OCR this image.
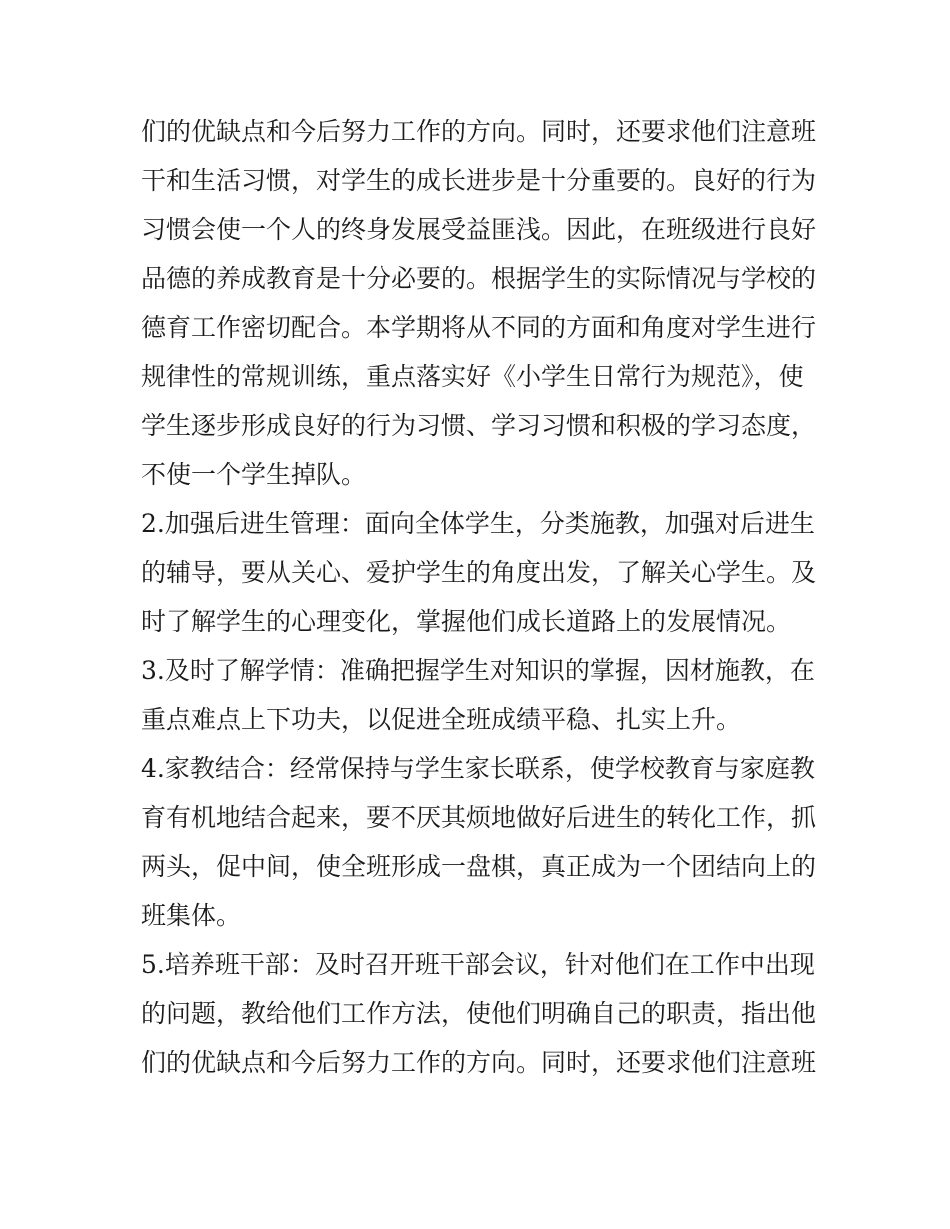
们的优缺点和今后努力工作的方向。同时，还要求他们注意班
干和生活习惯，对学生的成长进步是十分重要的。良好的行为
习惯会使一个人的终身发展受益匪浅。因此，在班级进行良好
品德的养成教育是十分必要的。根据学生的实际情况与学校的
德育工作密切配合。本学期将从不同的方面和角度对学生进行
规律性的常规训练，重点落实好《小学生日常行为规范》，使
学生逐步形成良好的行为习惯、学习习惯和积极的学习态度，
不使一个学生掉队。
2.加强后进生管理：面向全体学生，分类施教，加强对后进生
的辅导，要从关心、爱护学生的角度出发，了解关心学生。及
时了解学生的心理变化，掌握他们成长道路上的发展情况。
3.及时了解学情：准确把握学生对知识的掌握，因材施教，在
重点难点上下功夫，以促进全班成绩平稳、扎实上升。
4.家教结合：经常保持与学生家长联系，使学校教育与家庭教
育有机地结合起来，要不厌其烦地做好后进生的转化工作，抓
两头，促中间，使全班形成一盘棋，真正成为一个团结向上的
班集体。
5.培养班干部：及时召开班干部会议，针对他们在工作中出现
的问题，教给他们工作方法，使他们明确自己的职责，指出他
们的优缺点和今后努力工作的方向。同时，还要求他们注意班
